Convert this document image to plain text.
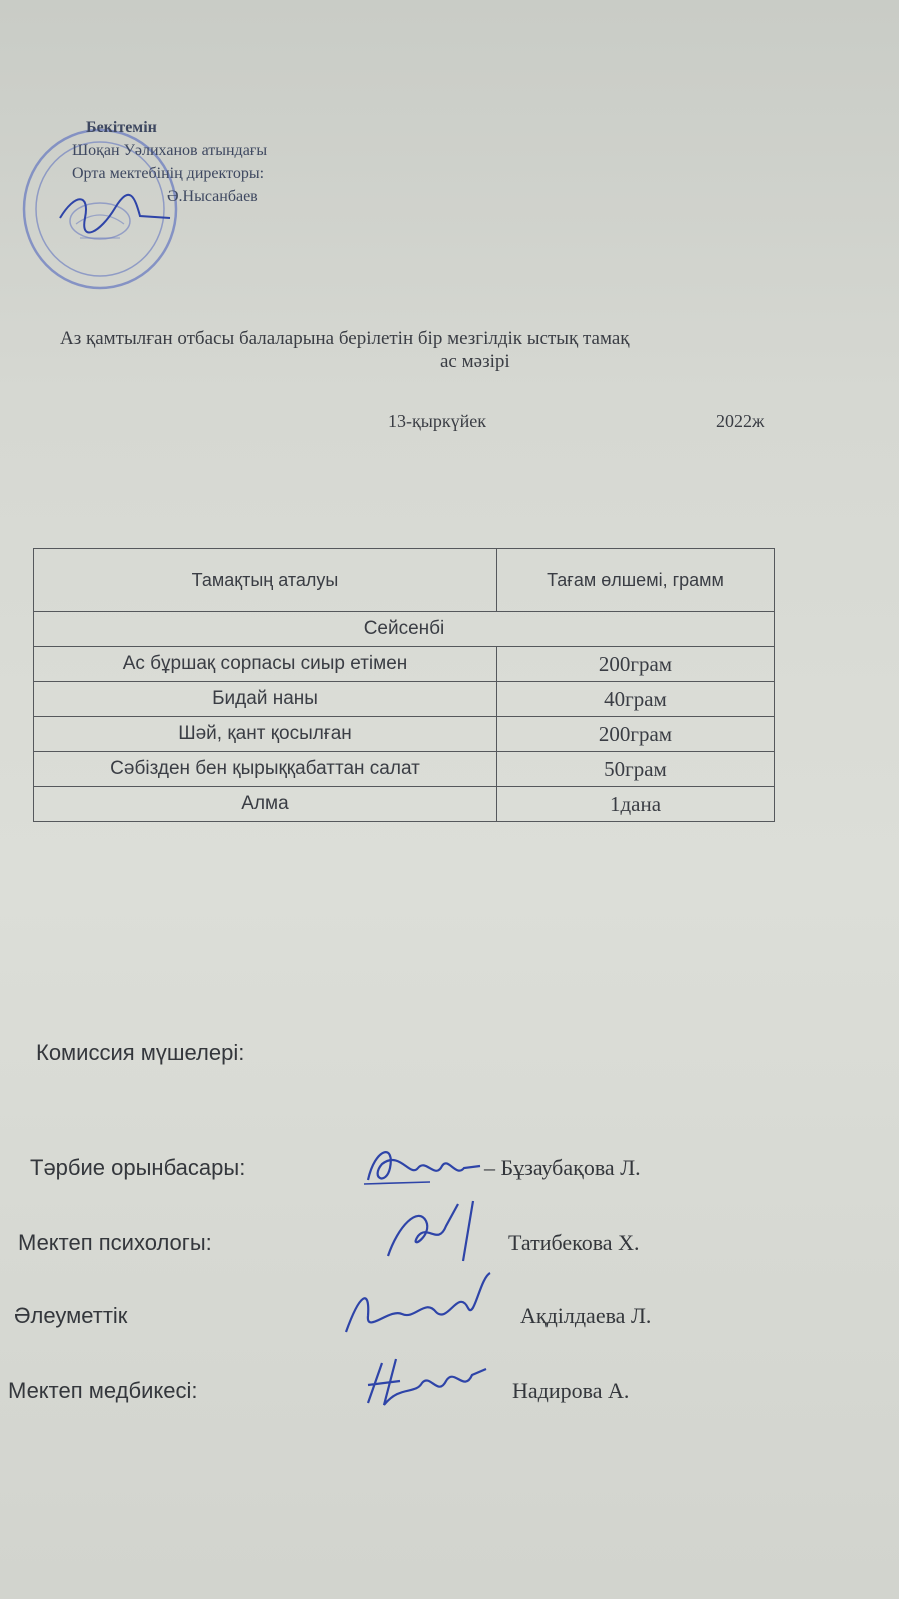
Бекітемін
Шоқан Уәлиханов атындағы
Орта мектебінің директоры:
Ә.Нысанбаев
Аз қамтылған отбасы балаларына берілетін бір мезгілдік ыстық тамақ
ас мәзірі
13-қыркүйек	2022ж
Тамақтың аталуы	Тағам өлшемі, грамм
Сейсенбі	
Ас бұршақ сорпасы сиыр етімен	200грам
Бидай наны	40грам
Шәй, қант қосылған	200грам
Сәбізден бен қырыққабаттан салат	50грам
Алма	1дана
Комиссия мүшелері:
Тәрбие орынбасары:	– Бұзаубақова Л.
Мектеп психологы:	Татибекова Х.
Әлеуметтік	Ақділдаева Л.
Мектеп медбикесі:	Надирова А.
